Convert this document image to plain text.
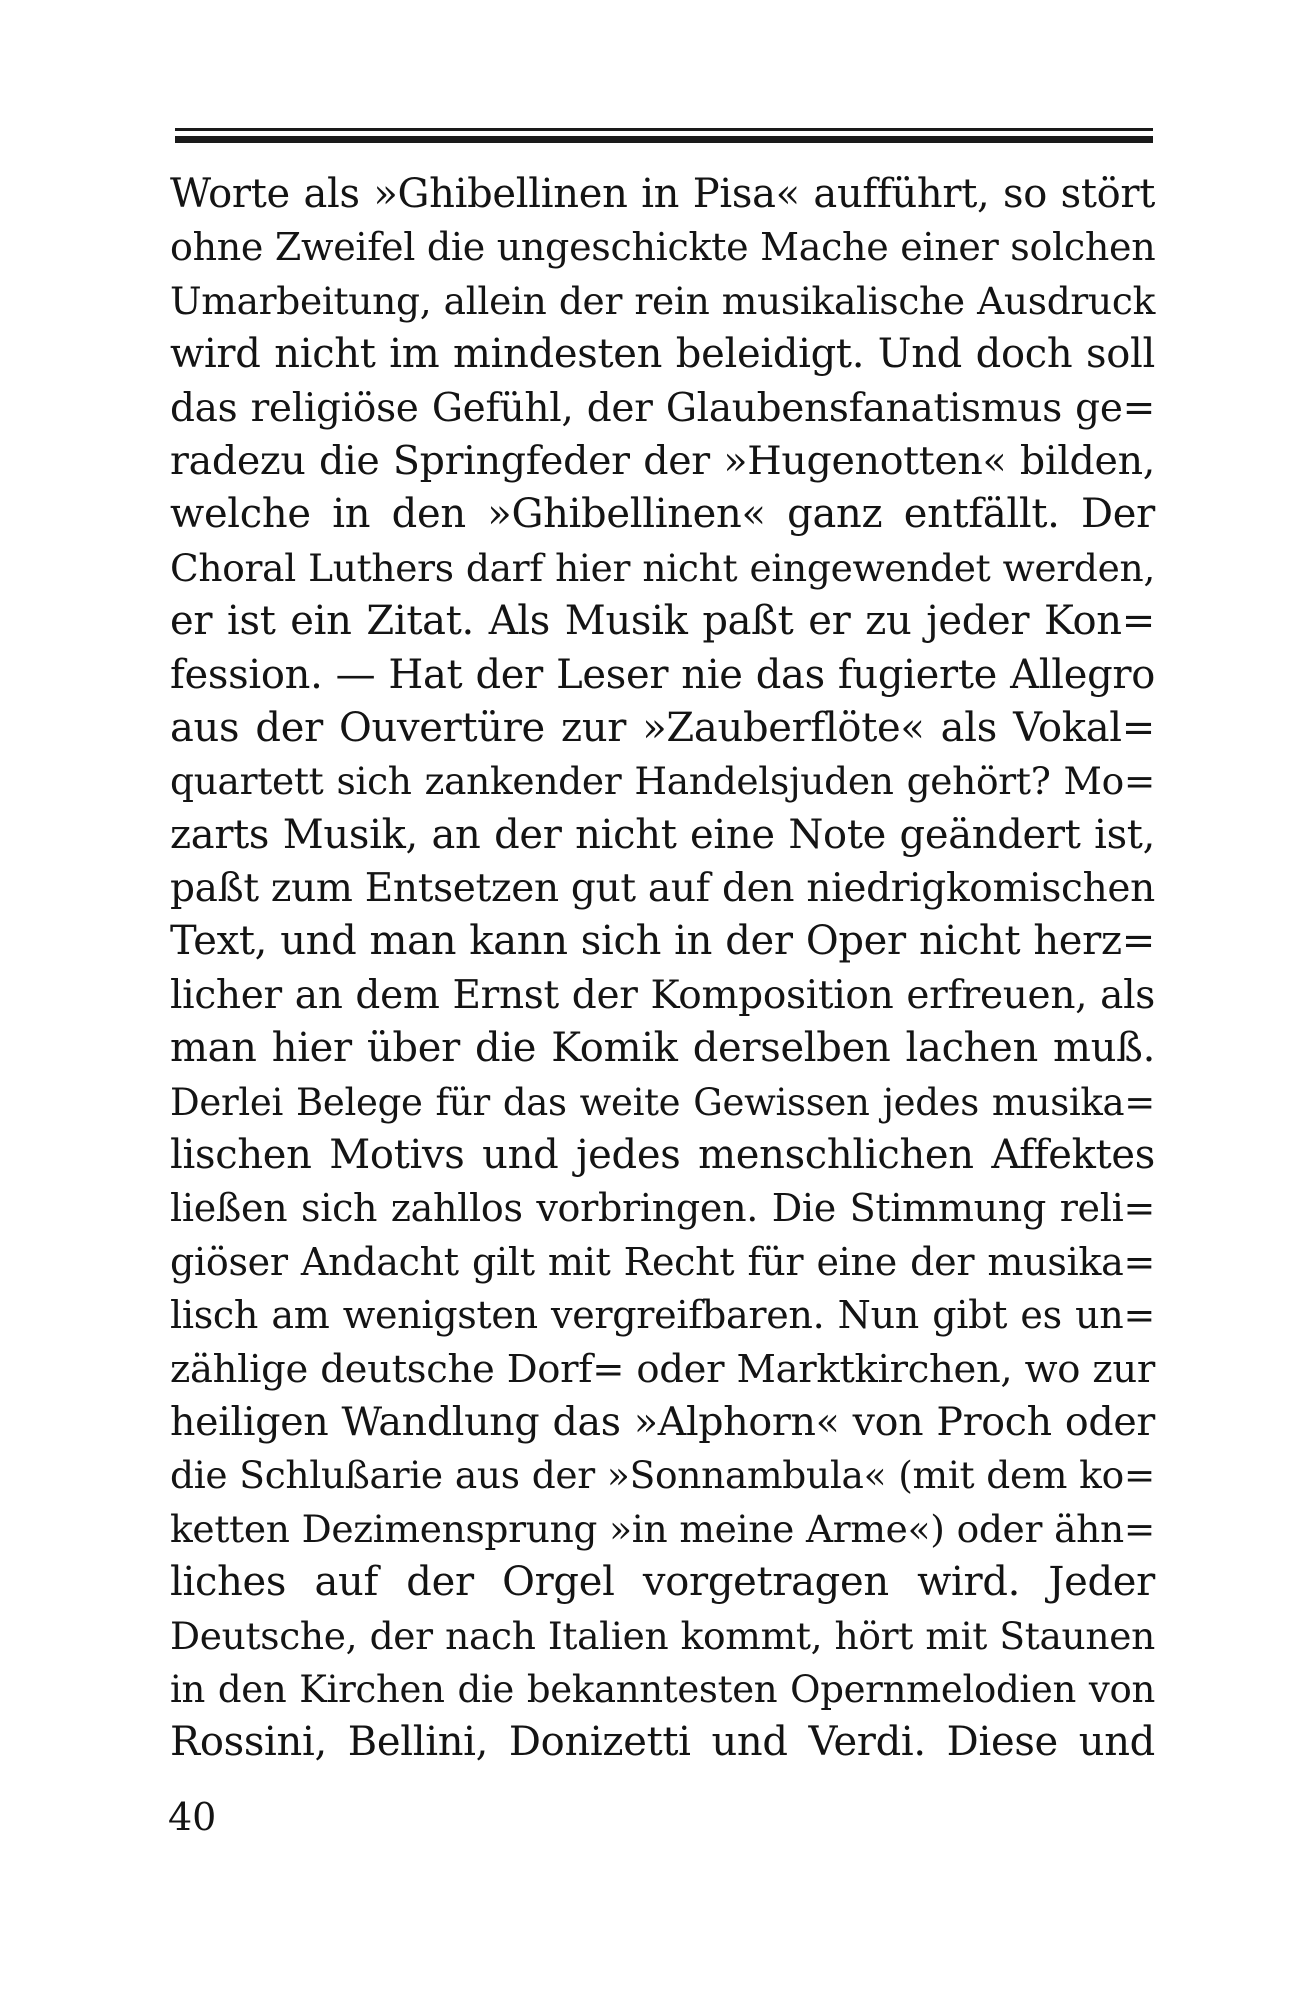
Worte als »Ghibellinen in Pisa« aufführt, so stört
ohne Zweifel die ungeschickte Mache einer solchen
Umarbeitung, allein der rein musikalische Ausdruck
wird nicht im mindesten beleidigt. Und doch soll
das religiöse Gefühl, der Glaubensfanatismus ge=
radezu die Springfeder der »Hugenotten« bilden,
welche in den »Ghibellinen« ganz entfällt. Der
Choral Luthers darf hier nicht eingewendet werden,
er ist ein Zitat. Als Musik paßt er zu jeder Kon=
fession. — Hat der Leser nie das fugierte Allegro
aus der Ouvertüre zur »Zauberflöte« als Vokal=
quartett sich zankender Handelsjuden gehört? Mo=
zarts Musik, an der nicht eine Note geändert ist,
paßt zum Entsetzen gut auf den niedrigkomischen
Text, und man kann sich in der Oper nicht herz=
licher an dem Ernst der Komposition erfreuen, als
man hier über die Komik derselben lachen muß.
Derlei Belege für das weite Gewissen jedes musika=
lischen Motivs und jedes menschlichen Affektes
ließen sich zahllos vorbringen. Die Stimmung reli=
giöser Andacht gilt mit Recht für eine der musika=
lisch am wenigsten vergreifbaren. Nun gibt es un=
zählige deutsche Dorf= oder Marktkirchen, wo zur
heiligen Wandlung das »Alphorn« von Proch oder
die Schlußarie aus der »Sonnambula« (mit dem ko=
ketten Dezimensprung »in meine Arme«) oder ähn=
liches auf der Orgel vorgetragen wird. Jeder
Deutsche, der nach Italien kommt, hört mit Staunen
in den Kirchen die bekanntesten Opernmelodien von
Rossini, Bellini, Donizetti und Verdi. Diese und
40
